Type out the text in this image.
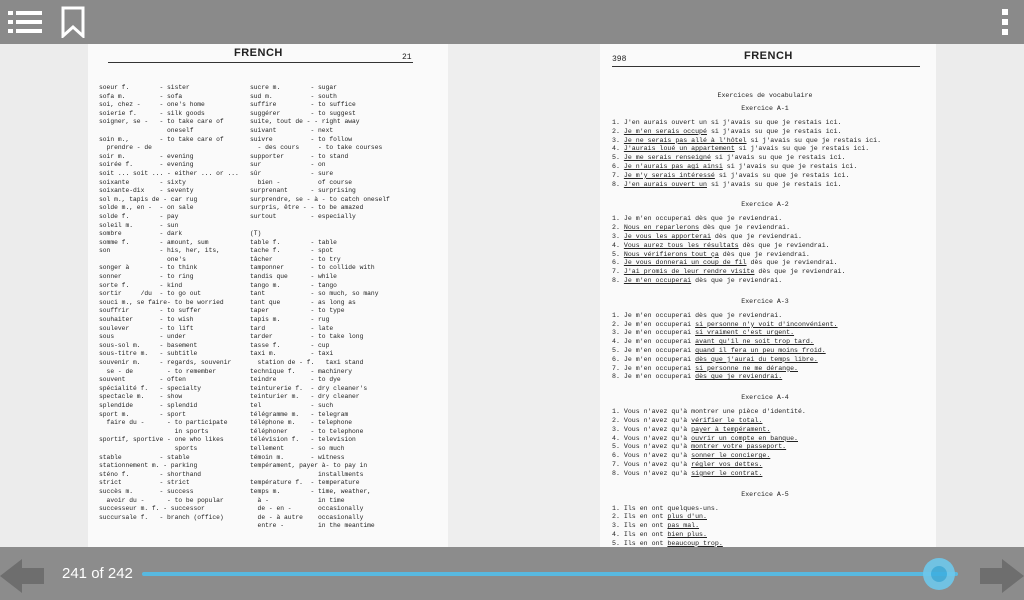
FRENCH	21
soeur f.        - sister
sofa m.         - sofa
soi, chez -     - one's home
soierie f.      - silk goods
soigner, se -   - to take care of
oneself
soin m.,        - to take care of
prendre - de
soir m.         - evening
soirée f.       - evening
soit ... soit ... - either ... or ...
soixante        - sixty
soixante-dix    - seventy
sol m., tapis de - car rug
solde m., en -  - on sale
solde f.        - pay
soleil m.       - sun
sombre          - dark
somme f.        - amount, sum
son             - his, her, its,
one's
songer à        - to think
sonner          - to ring
sorte f.        - kind
sortir     /du  - to go out
souci m., se faire- to be worried
souffrir        - to suffer
souhaiter       - to wish
soulever        - to lift
sous            - under
sous-sol m.     - basement
sous-titre m.   - subtitle
souvenir m.     - regards, souvenir
se - de         - to remember
souvent         - often
spécialité f.   - specialty
spectacle m.    - show
splendide       - splendid
sport m.        - sport
faire du -      - to participate
in sports
sportif, sportive - one who likes
sports
stable          - stable
stationnement m. - parking
sténo f.        - shorthand
strict          - strict
succès m.       - success
avoir du -      - to be popular
successeur m. f. - successor
succursale f.   - branch (office)
sucre m.        - sugar
sud m.          - south
suffire         - to suffice
suggérer        - to suggest
suite, tout de - - right away
suivant         - next
suivre          - to follow
- des cours     - to take courses
supporter       - to stand
sur             - on
sûr             - sure
bien -          of course
surprenant      - surprising
surprendre, se - à - to catch oneself
surpris, être - - to be amazed
surtout         - especially

(T)
table f.        - table
tache f.        - spot
tâcher          - to try
tamponner       - to collide with
tandis que      - while
tango m.        - tango
tant            - so much, so many
tant que        - as long as
taper           - to type
tapis m.        - rug
tard            - late
tarder          - to take long
tasse f.        - cup
taxi m.         - taxi
station de - f.   taxi stand
technique f.    - machinery
teindre         - to dye
teinturerie f.  - dry cleaner's
teinturier m.   - dry cleaner
tel             - such
télégramme m.   - telegram
téléphone m.    - telephone
téléphoner      - to telephone
télévision f.   - television
tellement       - so much
témoin m.       - witness
tempérament, payer à- to pay in
installments
température f.  - temperature
temps m.        - time, weather,
à -             in time
de - en -       occasionally
de - à autre    occasionally
entre -         in the meantime
398	FRENCH
Exercices de vocabulaire
Exercice A-1
1. J'en aurais ouvert un si j'avais su que je restais ici.
2. Je m'en serais occupé si j'avais su que je restais ici.
3. Je ne serais pas allé à l'hôtel si j'avais su que je restais ici.
4. J'aurais loué un appartement si j'avais su que je restais ici.
5. Je me serais renseigné si j'avais su que je restais ici.
6. Je n'aurais pas agi ainsi si j'avais su que je restais ici.
7. Je m'y serais intéressé si j'avais su que je restais ici.
8. J'en aurais ouvert un si j'avais su que je restais ici.
Exercice A-2
1. Je m'en occuperai dès que je reviendrai.
2. Nous en reparlerons dès que je reviendrai.
3. Je vous les apporterai dès que je reviendrai.
4. Vous aurez tous les résultats dès que je reviendrai.
5. Nous vérifierons tout ça dès que je reviendrai.
6. Je vous donnerai un coup de fil dès que je reviendrai.
7. J'ai promis de leur rendre visite dès que je reviendrai.
8. Je m'en occuperai dès que je reviendrai.
Exercice A-3
1. Je m'en occuperai dès que je reviendrai.
2. Je m'en occuperai si personne n'y voit d'inconvénient.
3. Je m'en occuperai si vraiment c'est urgent.
4. Je m'en occuperai avant qu'il ne soit trop tard.
5. Je m'en occuperai quand il fera un peu moins froid.
6. Je m'en occuperai dès que j'aurai du temps libre.
7. Je m'en occuperai si personne ne me dérange.
8. Je m'en occuperai dès que je reviendrai.
Exercice A-4
1. Vous n'avez qu'à montrer une pièce d'identité.
2. Vous n'avez qu'à vérifier le total.
3. Vous n'avez qu'à payer à tempérament.
4. Vous n'avez qu'à ouvrir un compte en banque.
5. Vous n'avez qu'à montrer votre passeport.
6. Vous n'avez qu'à sonner le concierge.
7. Vous n'avez qu'à régler vos dettes.
8. Vous n'avez qu'à signer le contrat.
Exercice A-5
1. Ils en ont quelques-uns.
2. Ils en ont plus d'un.
3. Ils en ont pas mal.
4. Ils en ont bien plus.
5. Ils en ont beaucoup trop.
241 of 242
